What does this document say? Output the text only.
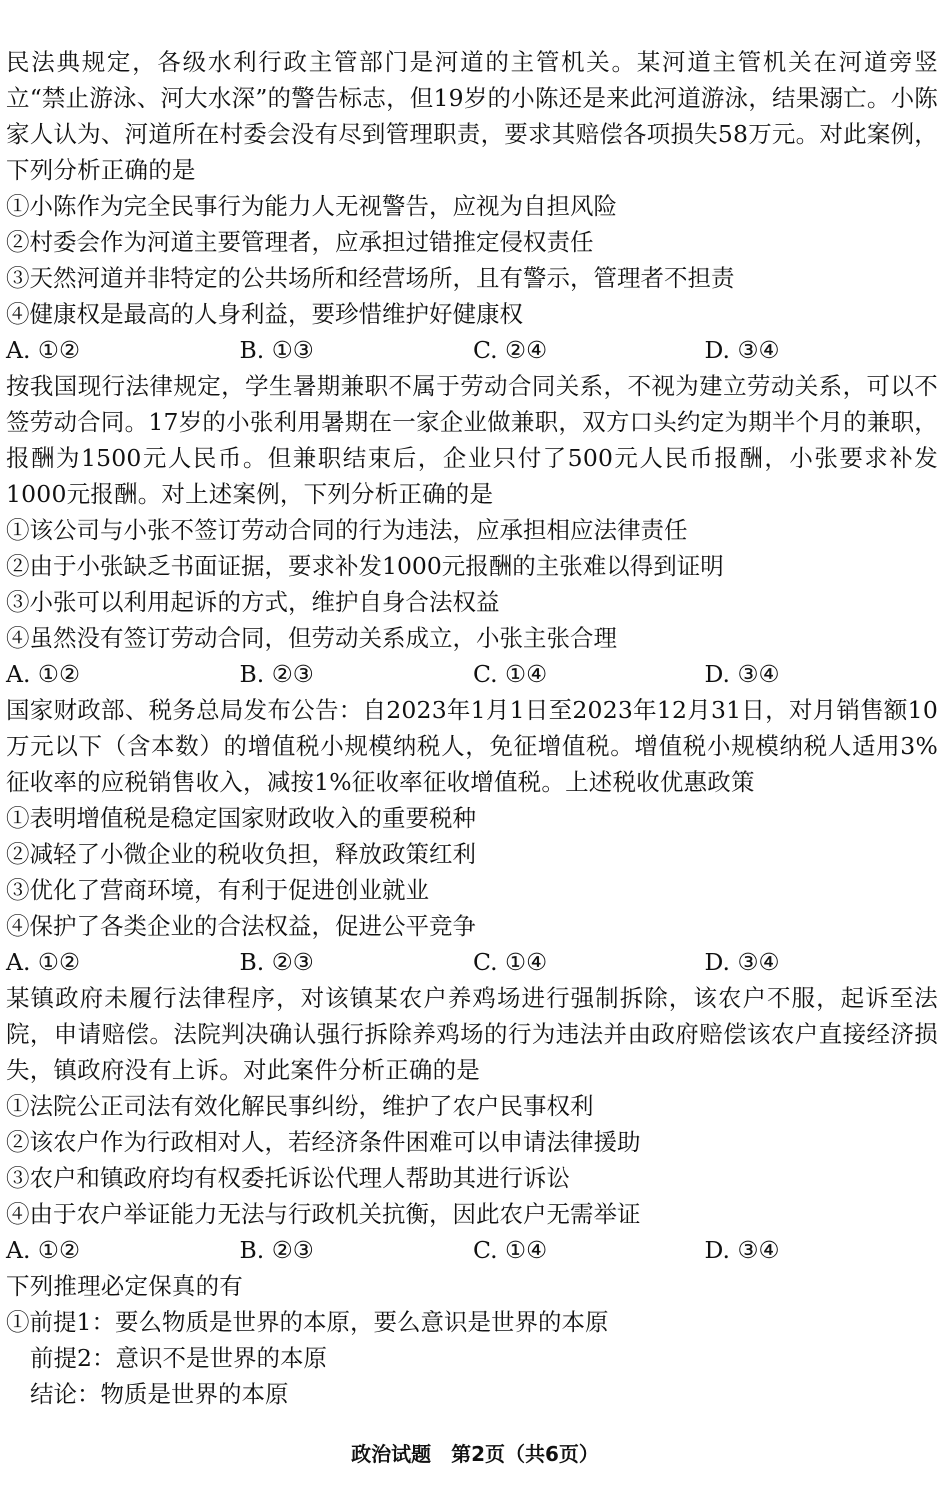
民法典规定，各级水利行政主管部门是河道的主管机关。某河道主管机关在河道旁竖立“禁止游泳、河大水深”的警告标志，但19岁的小陈还是来此河道游泳，结果溺亡。小陈家人认为、河道所在村委会没有尽到管理职责，要求其赔偿各项损失58万元。对此案例，下列分析正确的是

①小陈作为完全民事行为能力人无视警告，应视为自担风险

②村委会作为河道主要管理者，应承担过错推定侵权责任

③天然河道并非特定的公共场所和经营场所，且有警示，管理者不担责

④健康权是最高的人身利益，要珍惜维护好健康权

A. ①②	B. ①③	C. ②④	D. ③④

按我国现行法律规定，学生暑期兼职不属于劳动合同关系，不视为建立劳动关系，可以不签劳动合同。17岁的小张利用暑期在一家企业做兼职，双方口头约定为期半个月的兼职，报酬为1500元人民币。但兼职结束后，企业只付了500元人民币报酬，小张要求补发1000元报酬。对上述案例，下列分析正确的是

①该公司与小张不签订劳动合同的行为违法，应承担相应法律责任

②由于小张缺乏书面证据，要求补发1000元报酬的主张难以得到证明

③小张可以利用起诉的方式，维护自身合法权益

④虽然没有签订劳动合同，但劳动关系成立，小张主张合理

A. ①②	B. ②③	C. ①④	D. ③④

国家财政部、税务总局发布公告：自2023年1月1日至2023年12月31日，对月销售额10万元以下（含本数）的增值税小规模纳税人，免征增值税。增值税小规模纳税人适用3%征收率的应税销售收入，减按1%征收率征收增值税。上述税收优惠政策

①表明增值税是稳定国家财政收入的重要税种

②减轻了小微企业的税收负担，释放政策红利

③优化了营商环境，有利于促进创业就业

④保护了各类企业的合法权益，促进公平竞争

A. ①②	B. ②③	C. ①④	D. ③④

某镇政府未履行法律程序，对该镇某农户养鸡场进行强制拆除，该农户不服，起诉至法院，申请赔偿。法院判决确认强行拆除养鸡场的行为违法并由政府赔偿该农户直接经济损失，镇政府没有上诉。对此案件分析正确的是

①法院公正司法有效化解民事纠纷，维护了农户民事权利

②该农户作为行政相对人，若经济条件困难可以申请法律援助

③农户和镇政府均有权委托诉讼代理人帮助其进行诉讼

④由于农户举证能力无法与行政机关抗衡，因此农户无需举证

A. ①②	B. ②③	C. ①④	D. ③④

下列推理必定保真的有

①前提1：要么物质是世界的本原，要么意识是世界的本原

前提2：意识不是世界的本原

结论：物质是世界的本原

政治试题　第2页（共6页）
